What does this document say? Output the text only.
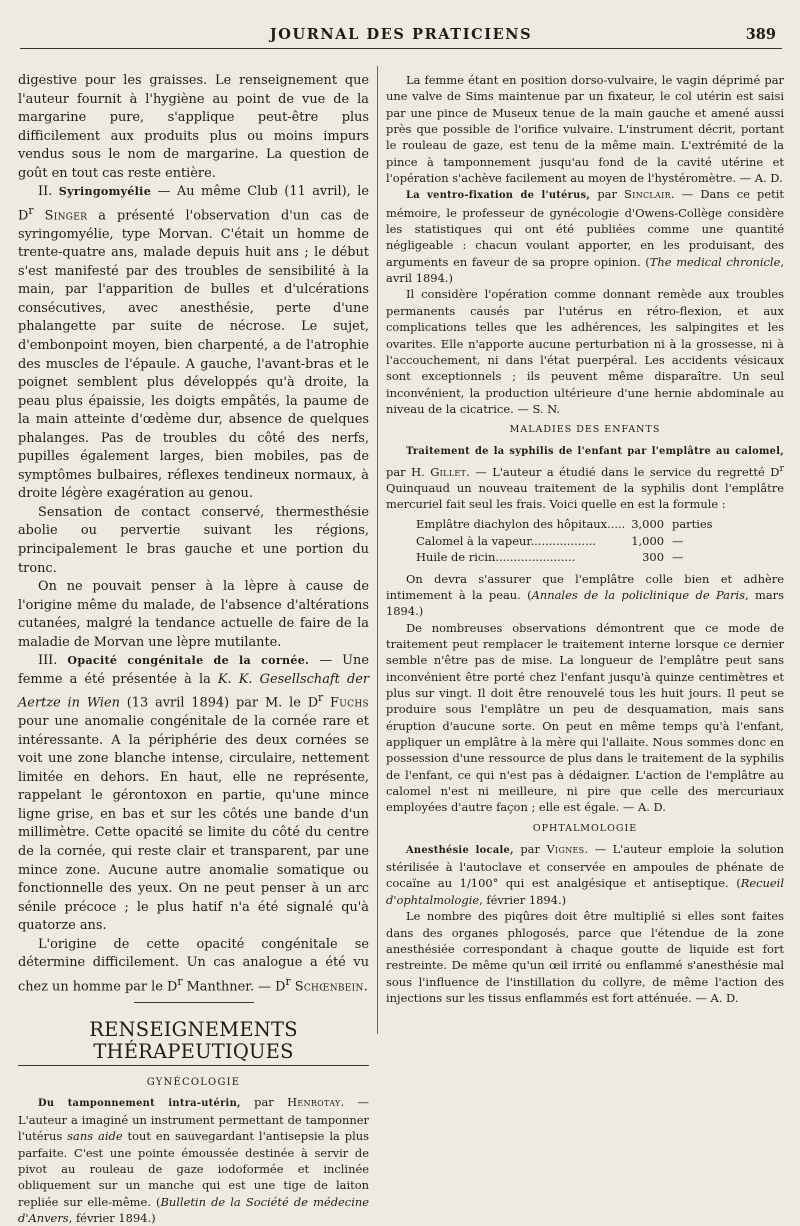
JOURNAL DES PRATICIENS	389

digestive pour les graisses. Le renseignement que l'auteur fournit à l'hygiène au point de vue de la margarine pure, s'applique peut-être plus difficilement aux produits plus ou moins impurs vendus sous le nom de margarine. La question de goût en tout cas reste entière.

II. Syringomyélie — Au même Club (11 avril), le $D^r$ Singer a présenté l'observation d'un cas de syringomyélie, type Morvan. C'était un homme de trente-quatre ans, malade depuis huit ans ; le début s'est manifesté par des troubles de sensibilité à la main, par l'apparition de bulles et d'ulcérations consécutives, avec anesthésie, perte d'une phalangette par suite de nécrose. Le sujet, d'embonpoint moyen, bien charpenté, a de l'atrophie des muscles de l'épaule. A gauche, l'avant-bras et le poignet semblent plus développés qu'à droite, la peau plus épaissie, les doigts empâtés, la paume de la main atteinte d'œdème dur, absence de quelques phalanges. Pas de troubles du côté des nerfs, pupilles également larges, bien mobiles, pas de symptômes bulbaires, réflexes tendineux normaux, à droite légère exagération au genou.

Sensation de contact conservé, thermesthésie abolie ou pervertie suivant les régions, principalement le bras gauche et une portion du tronc.

On ne pouvait penser à la lèpre à cause de l'origine même du malade, de l'absence d'altérations cutanées, malgré la tendance actuelle de faire de la maladie de Morvan une lèpre mutilante.

III. Opacité congénitale de la cornée. — Une femme a été présentée à la K. K. Gesellschaft der Aertze in Wien (13 avril 1894) par M. le $D^r$ Fuchs pour une anomalie congénitale de la cornée rare et intéressante. A la périphérie des deux cornées se voit une zone blanche intense, circulaire, nettement limitée en dehors. En haut, elle ne représente, rappelant le gérontoxon en partie, qu'une mince ligne grise, en bas et sur les côtés une bande d'un millimètre. Cette opacité se limite du côté du centre de la cornée, qui reste clair et transparent, par une mince zone. Aucune autre anomalie somatique ou fonctionnelle des yeux. On ne peut penser à un arc sénile précoce ; le plus hatif n'a été signalé qu'à quatorze ans.

L'origine de cette opacité congénitale se détermine difficilement. Un cas analogue a été vu chez un homme par le $D^r$ Manthner. — $D^r$ Schœnbein.

RENSEIGNEMENTS THÉRAPEUTIQUES
GYNÉCOLOGIE

Du tamponnement intra-utérin, par Henrotay. — L'auteur a imaginé un instrument permettant de tamponner l'utérus sans aide tout en sauvegardant l'antisepsie la plus parfaite. C'est une pointe émoussée destinée à servir de pivot au rouleau de gaze iodoformée et inclinée obliquement sur un manche qui est une tige de laiton repliée sur elle-même. (Bulletin de la Société de médecine d'Anvers, février 1894.)

La femme étant en position dorso-vulvaire, le vagin déprimé par une valve de Sims maintenue par un fixateur, le col utérin est saisi par une pince de Museux tenue de la main gauche et amené aussi près que possible de l'orifice vulvaire. L'instrument décrit, portant le rouleau de gaze, est tenu de la même main. L'extrémité de la pince à tamponnement jusqu'au fond de la cavité utérine et l'opération s'achève facilement au moyen de l'hystéromètre. — A. D.

La ventro-fixation de l'utérus, par Sinclair. — Dans ce petit mémoire, le professeur de gynécologie d'Owens-Collège considère les statistiques qui ont été publiées comme une quantité négligeable : chacun voulant apporter, en les produisant, des arguments en faveur de sa propre opinion. (The medical chronicle, avril 1894.)

Il considère l'opération comme donnant remède aux troubles permanents causés par l'utérus en rétro-flexion, et aux complications telles que les adhérences, les salpingites et les ovarites. Elle n'apporte aucune perturbation ni à la grossesse, ni à l'accouchement, ni dans l'état puerpéral. Les accidents vésicaux sont exceptionnels ; ils peuvent même disparaître. Un seul inconvénient, la production ultérieure d'une hernie abdominale au niveau de la cicatrice. — S. N.

MALADIES DES ENFANTS

Traitement de la syphilis de l'enfant par l'emplâtre au calomel, par H. Gillet. — L'auteur a étudié dans le service du regretté $D^r$ Quinquaud un nouveau traitement de la syphilis dont l'emplâtre mercuriel fait seul les frais. Voici quelle en est la formule :

Emplâtre diachylon des hôpitaux..... 3,000 parties
Calomel à la vapeur..................	1,000 —
Huile de ricin......................	300 —

On devra s'assurer que l'emplâtre colle bien et adhère intimement à la peau. (Annales de la policlinique de Paris, mars 1894.)

De nombreuses observations démontrent que ce mode de traitement peut remplacer le traitement interne lorsque ce dernier semble n'être pas de mise. La longueur de l'emplâtre peut sans inconvénient être porté chez l'enfant jusqu'à quinze centimètres et plus sur vingt. Il doit être renouvelé tous les huit jours. Il peut se produire sous l'emplâtre un peu de desquamation, mais sans éruption d'aucune sorte. On peut en même temps qu'à l'enfant, appliquer un emplâtre à la mère qui l'allaite. Nous sommes donc en possession d'une ressource de plus dans le traitement de la syphilis de l'enfant, ce qui n'est pas à dédaigner. L'action de l'emplâtre au calomel n'est ni meilleure, ni pire que celle des mercuriaux employées d'autre façon ; elle est égale. — A. D.

OPHTALMOLOGIE

Anesthésie locale, par Vignes. — L'auteur emploie la solution stérilisée à l'autoclave et conservée en ampoules de phénate de cocaïne au 1/100° qui est analgésique et antiseptique. (Recueil d'ophtalmologie, février 1894.)

Le nombre des piqûres doit être multiplié si elles sont faites dans des organes phlogosés, parce que l'étendue de la zone anesthésiée correspondant à chaque goutte de liquide est fort restreinte. De même qu'un œil irrité ou enflammé s'anesthésie mal sous l'influence de l'instillation du collyre, de même l'action des injections sur les tissus enflammés est fort atténuée. — A. D.
